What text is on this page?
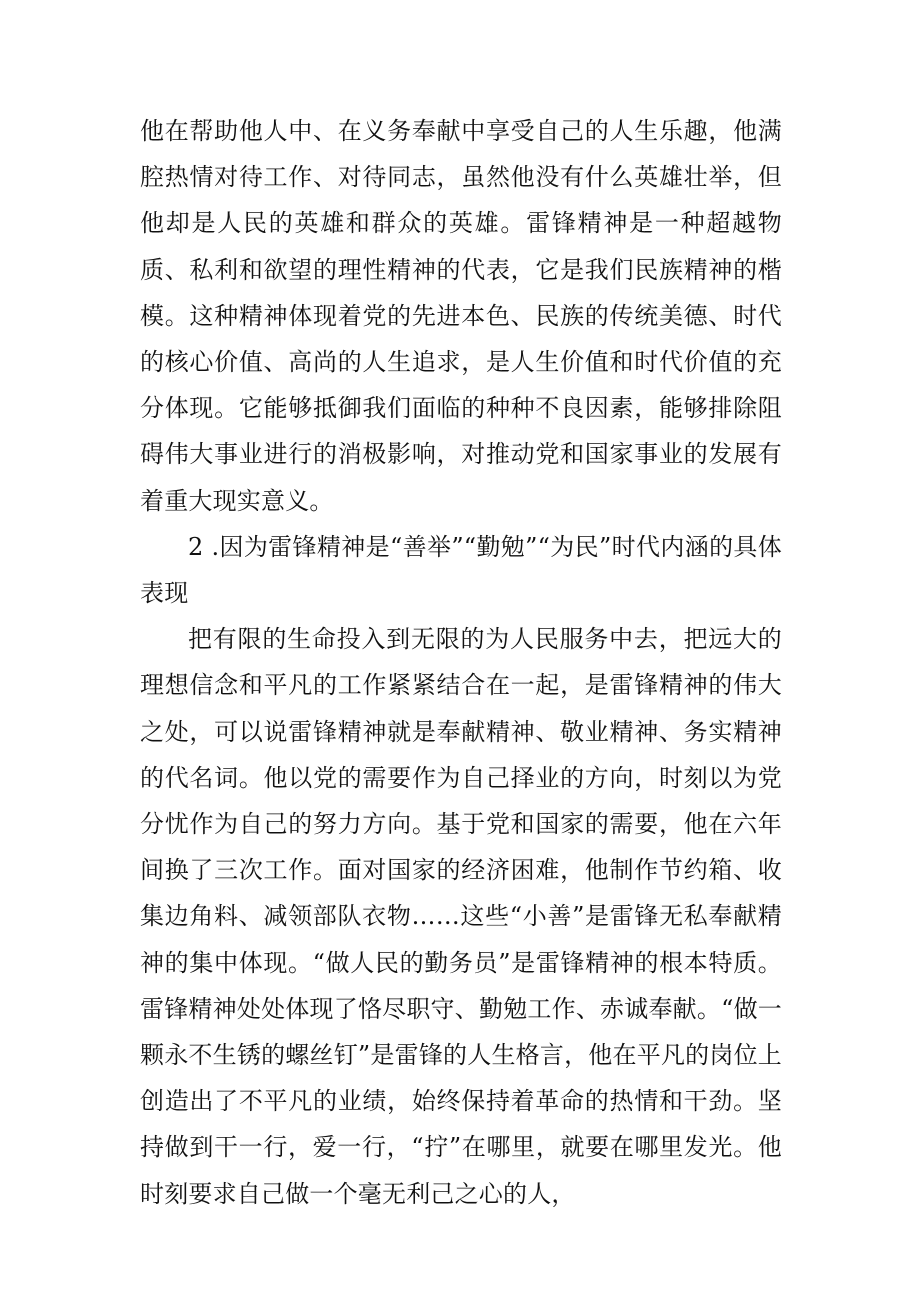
他在帮助他人中、在义务奉献中享受自己的人生乐趣，他满腔热情对待工作、对待同志，虽然他没有什么英雄壮举，但他却是人民的英雄和群众的英雄。雷锋精神是一种超越物质、私利和欲望的理性精神的代表，它是我们民族精神的楷模。这种精神体现着党的先进本色、民族的传统美德、时代的核心价值、高尚的人生追求，是人生价值和时代价值的充分体现。它能够抵御我们面临的种种不良因素，能够排除阻碍伟大事业进行的消极影响，对推动党和国家事业的发展有着重大现实意义。

2 .因为雷锋精神是“善举”“勤勉”“为民”时代内涵的具体表现

把有限的生命投入到无限的为人民服务中去，把远大的理想信念和平凡的工作紧紧结合在一起，是雷锋精神的伟大之处，可以说雷锋精神就是奉献精神、敬业精神、务实精神的代名词。他以党的需要作为自己择业的方向，时刻以为党分忧作为自己的努力方向。基于党和国家的需要，他在六年间换了三次工作。面对国家的经济困难，他制作节约箱、收集边角料、减领部队衣物……这些“小善”是雷锋无私奉献精神的集中体现。“做人民的勤务员”是雷锋精神的根本特质。雷锋精神处处体现了恪尽职守、勤勉工作、赤诚奉献。“做一颗永不生锈的螺丝钉”是雷锋的人生格言，他在平凡的岗位上创造出了不平凡的业绩，始终保持着革命的热情和干劲。坚持做到干一行，爱一行，“拧”在哪里，就要在哪里发光。他时刻要求自己做一个毫无利己之心的人，
